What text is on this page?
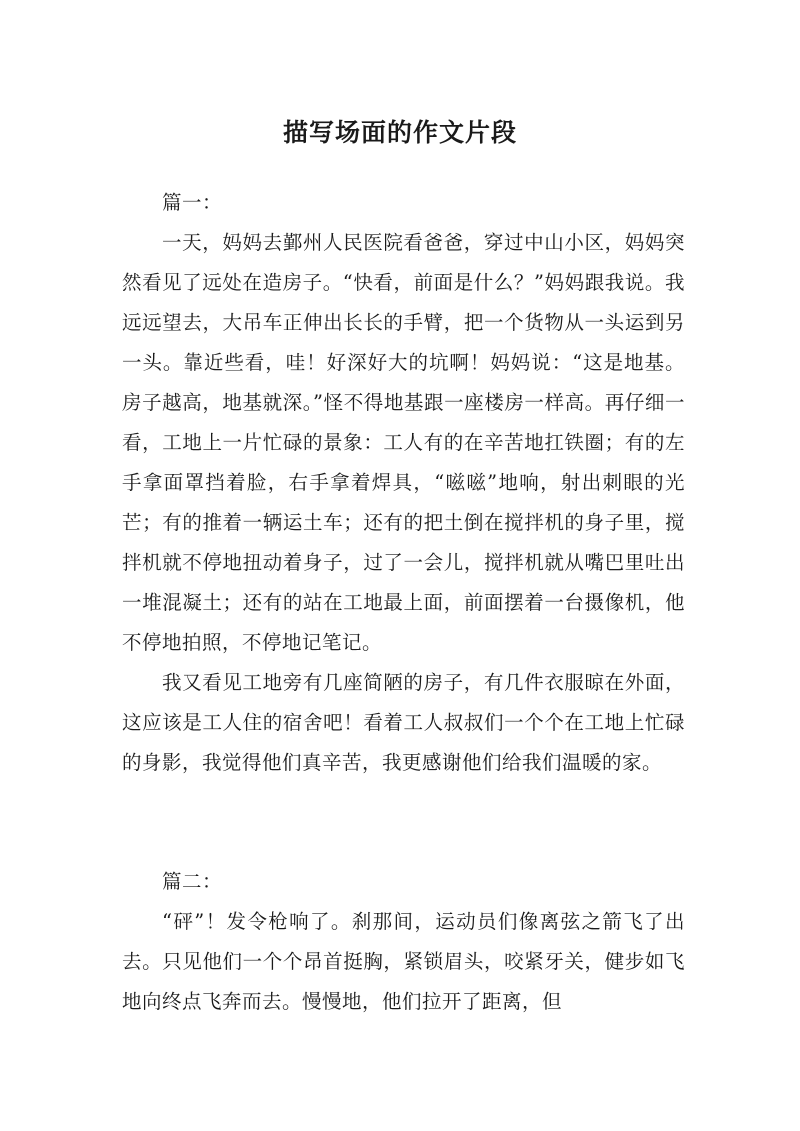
描写场面的作文片段

篇一：

一天，妈妈去鄞州人民医院看爸爸，穿过中山小区，妈妈突然看见了远处在造房子。“快看，前面是什么？”妈妈跟我说。我远远望去，大吊车正伸出长长的手臂，把一个货物从一头运到另一头。靠近些看，哇！好深好大的坑啊！妈妈说：“这是地基。房子越高，地基就深。”怪不得地基跟一座楼房一样高。再仔细一看，工地上一片忙碌的景象：工人有的在辛苦地扛铁圈；有的左手拿面罩挡着脸，右手拿着焊具，“嗞嗞”地响，射出刺眼的光芒；有的推着一辆运土车；还有的把土倒在搅拌机的身子里，搅拌机就不停地扭动着身子，过了一会儿，搅拌机就从嘴巴里吐出一堆混凝土；还有的站在工地最上面，前面摆着一台摄像机，他不停地拍照，不停地记笔记。

我又看见工地旁有几座简陋的房子，有几件衣服晾在外面，这应该是工人住的宿舍吧！看着工人叔叔们一个个在工地上忙碌的身影，我觉得他们真辛苦，我更感谢他们给我们温暖的家。

篇二：

“砰”！发令枪响了。刹那间，运动员们像离弦之箭飞了出去。只见他们一个个昂首挺胸，紧锁眉头，咬紧牙关，健步如飞地向终点飞奔而去。慢慢地，他们拉开了距离，但
